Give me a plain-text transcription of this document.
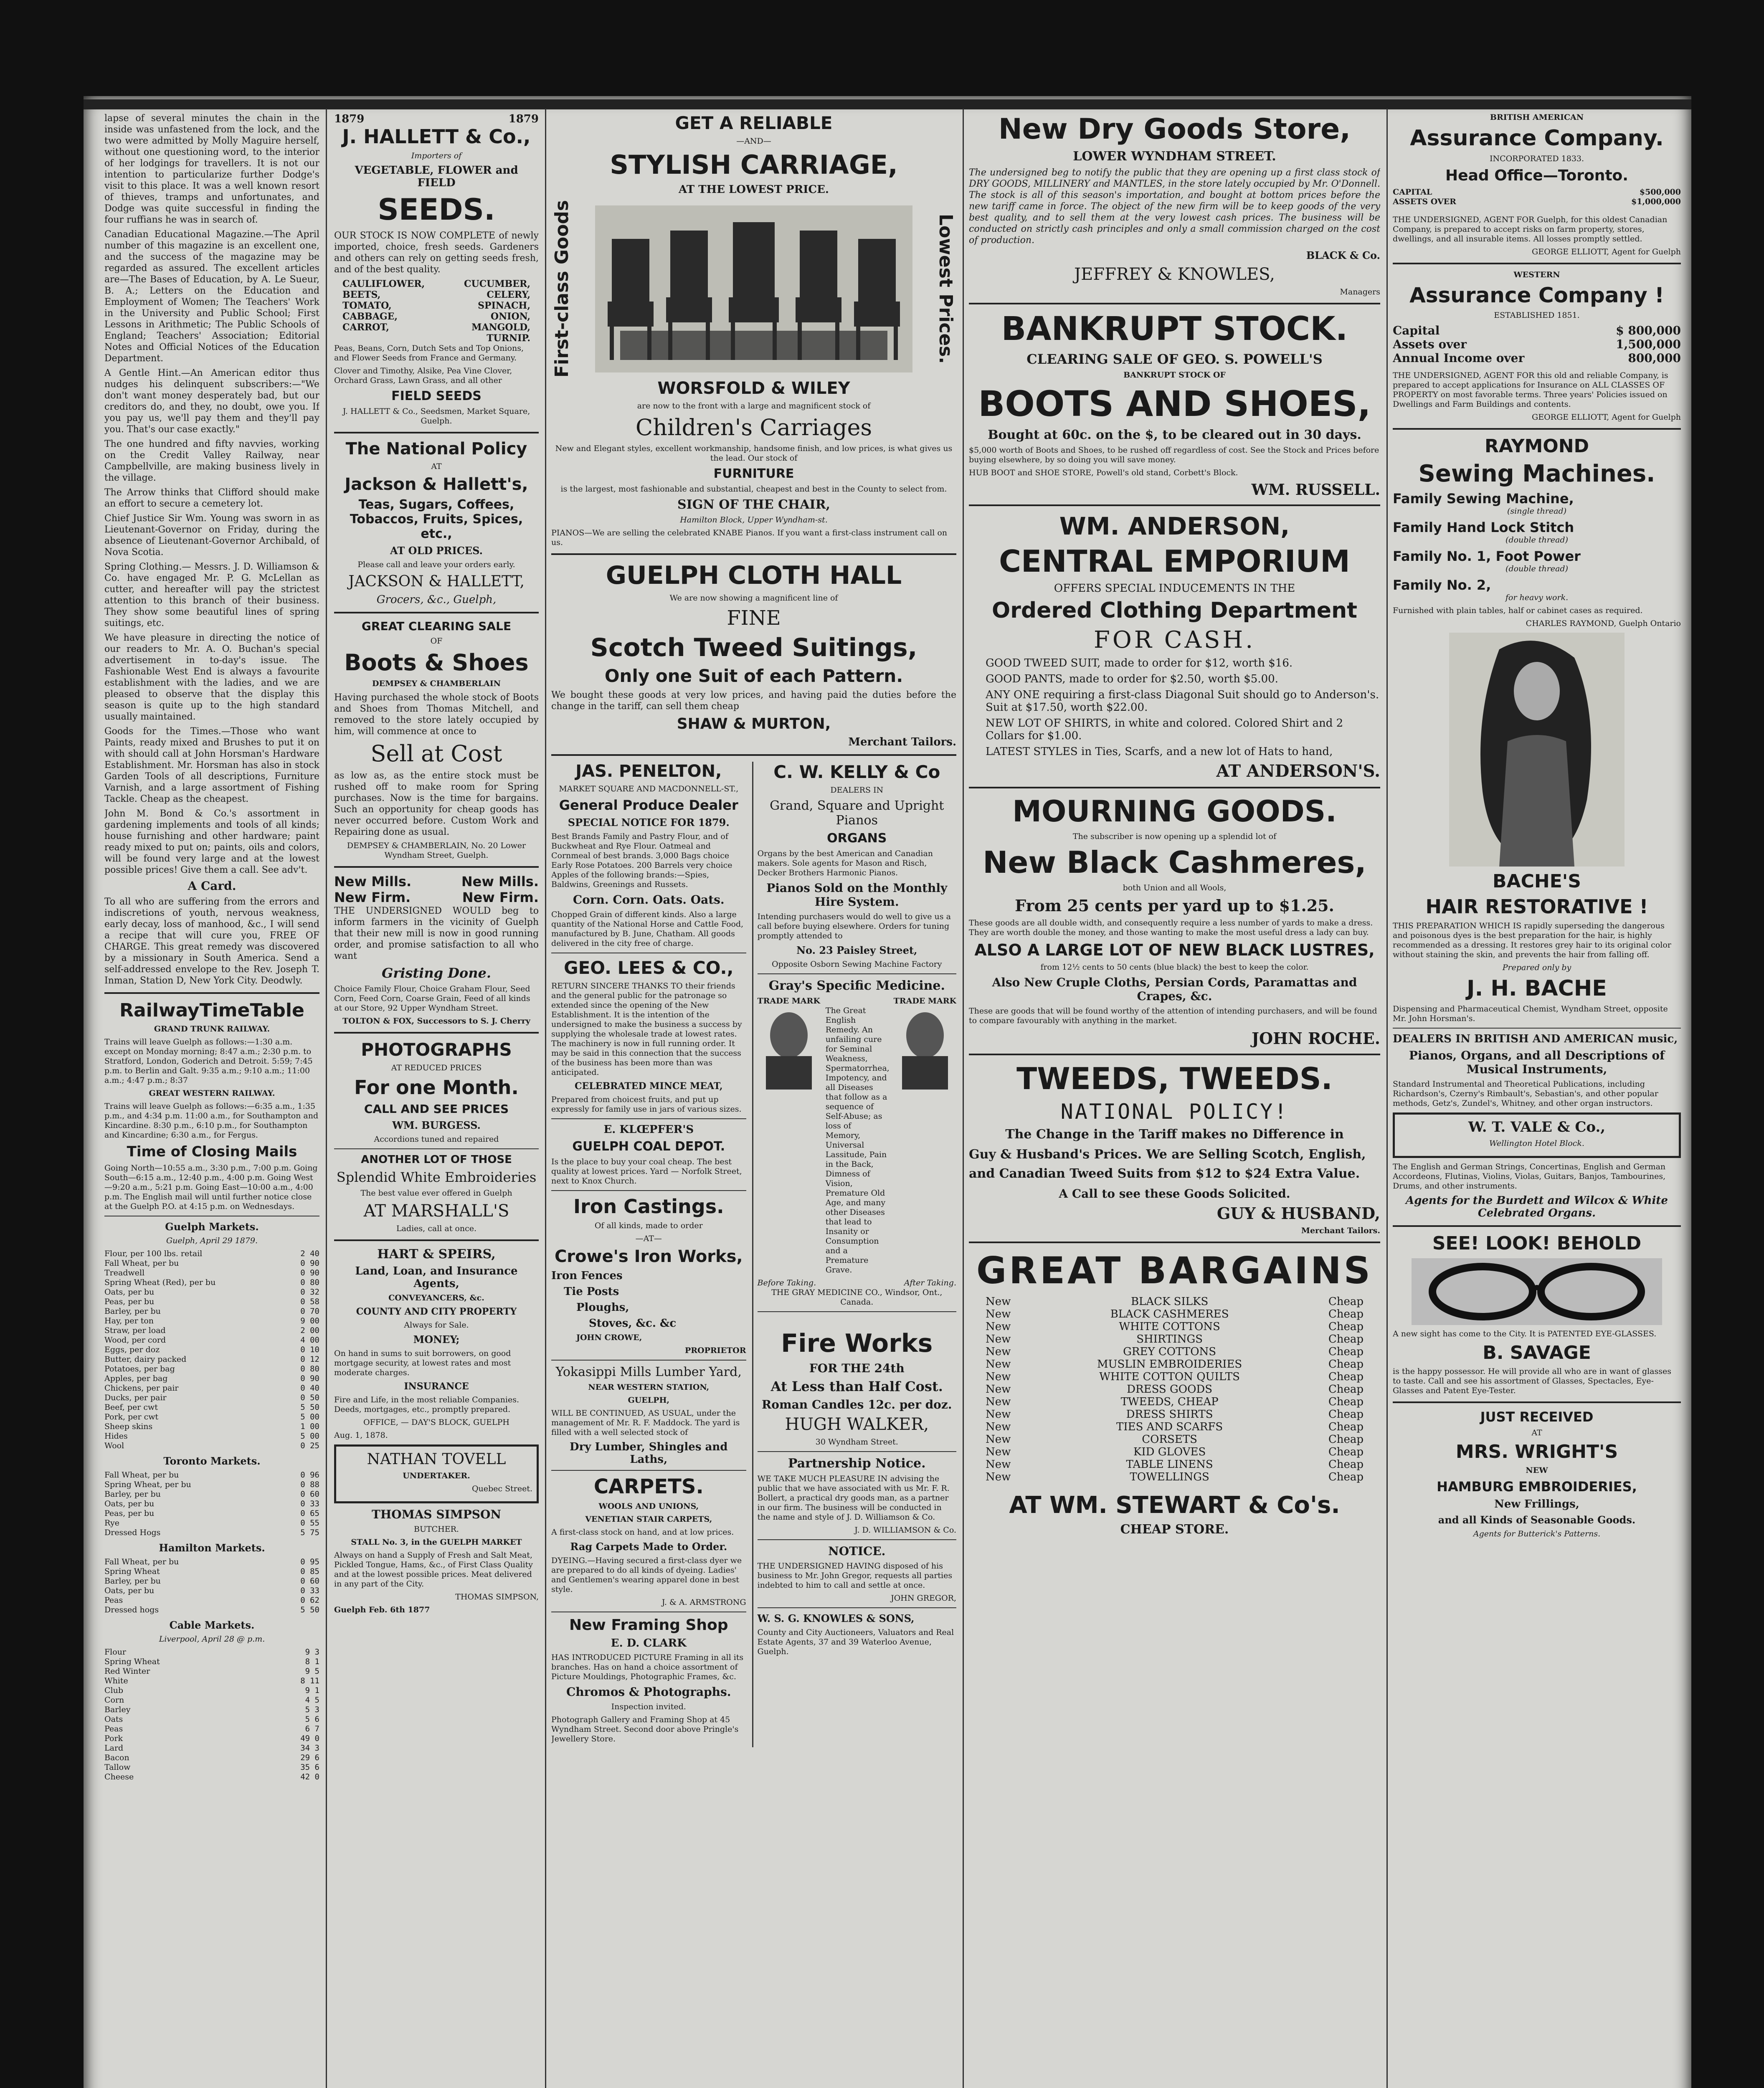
lapse of several minutes the chain in the inside was unfastened from the lock, and the two were admitted by Molly Maguire herself, without one questioning word, to the interior of her lodgings for travellers. It is not our intention to particularize further Dodge's visit to this place. It was a well known resort of thieves, tramps and unfortunates, and Dodge was quite successful in finding the four ruffians he was in search of.

Canadian Educational Magazine.—The April number of this magazine is an excellent one, and the success of the magazine may be regarded as assured. The excellent articles are—The Bases of Education, by A. Le Sueur, B. A.; Letters on the Education and Employment of Women; The Teachers' Work in the University and Public School; First Lessons in Arithmetic; The Public Schools of England; Teachers' Association; Editorial Notes and Official Notices of the Education Department.

A Gentle Hint.—An American editor thus nudges his delinquent subscribers:—"We don't want money desperately bad, but our creditors do, and they, no doubt, owe you. If you pay us, we'll pay them and they'll pay you. That's our case exactly."

The one hundred and fifty navvies, working on the Credit Valley Railway, near Campbellville, are making business lively in the village.

The Arrow thinks that Clifford should make an effort to secure a cemetery lot.

Chief Justice Sir Wm. Young was sworn in as Lieutenant-Governor on Friday, during the absence of Lieutenant-Governor Archibald, of Nova Scotia.

Spring Clothing.— Messrs. J. D. Williamson & Co. have engaged Mr. P. G. McLellan as cutter, and hereafter will pay the strictest attention to this branch of their business. They show some beautiful lines of spring suitings, etc.

We have pleasure in directing the notice of our readers to Mr. A. O. Buchan's special advertisement in to-day's issue. The Fashionable West End is always a favourite establishment with the ladies, and we are pleased to observe that the display this season is quite up to the high standard usually maintained.

Goods for the Times.—Those who want Paints, ready mixed and Brushes to put it on with should call at John Horsman's Hardware Establishment. Mr. Horsman has also in stock Garden Tools of all descriptions, Furniture Varnish, and a large assortment of Fishing Tackle. Cheap as the cheapest.

John M. Bond & Co.'s assortment in gardening implements and tools of all kinds; house furnishing and other hardware; paint ready mixed to put on; paints, oils and colors, will be found very large and at the lowest possible prices! Give them a call. See adv't.

A Card.

To all who are suffering from the errors and indiscretions of youth, nervous weakness, early decay, loss of manhood, &c., I will send a recipe that will cure you, FREE OF CHARGE. This great remedy was discovered by a missionary in South America. Send a self-addressed envelope to the Rev. Joseph T. Inman, Station D, New York City. Deodwly.

RailwayTimeTable

GRAND TRUNK RAILWAY.

Trains will leave Guelph as follows:—1:30 a.m. except on Monday morning; 8:47 a.m.; 2:30 p.m. to Stratford, London, Goderich and Detroit. 5:59; 7:45 p.m. to Berlin and Galt. 9:35 a.m.; 9:10 a.m.; 11:00 a.m.; 4:47 p.m.; 8:37

GREAT WESTERN RAILWAY.

Trains will leave Guelph as follows:—6:35 a.m., 1:35 p.m., and 4:34 p.m. 11:00 a.m., for Southampton and Kincardine. 8:30 p.m., 6:10 p.m., for Southampton and Kincardine; 6:30 a.m., for Fergus.

Time of Closing Mails

Going North—10:55 a.m., 3:30 p.m., 7:00 p.m. Going South—6:15 a.m., 12:40 p.m., 4:00 p.m. Going West—9:20 a.m., 5:21 p.m. Going East—10:00 a.m., 4:00 p.m. The English mail will until further notice close at the Guelph P.O. at 4:15 p.m. on Wednesdays.

Guelph Markets.

Guelph, April 29 1879.

Flour, per 100 lbs. retail	2 40
Fall Wheat, per bu	0 90
Treadwell	0 90
Spring Wheat (Red), per bu	0 80
Oats, per bu	0 32
Peas, per bu	0 58
Barley, per bu	0 70
Hay, per ton	9 00
Straw, per load	2 00
Wood, per cord	4 00
Eggs, per doz	0 10
Butter, dairy packed	0 12
Potatoes, per bag	0 80
Apples, per bag	0 90
Chickens, per pair	0 40
Ducks, per pair	0 50
Beef, per cwt	5 50
Pork, per cwt	5 00
Sheep skins	1 00
Hides	5 00
Wool	0 25

Toronto Markets.

Fall Wheat, per bu	0 96
Spring Wheat, per bu	0 88
Barley, per bu	0 60
Oats, per bu	0 33
Peas, per bu	0 65
Rye	0 55
Dressed Hogs	5 75

Hamilton Markets.

Fall Wheat, per bu	0 95
Spring Wheat	0 85
Barley, per bu	0 60
Oats, per bu	0 33
Peas	0 62
Dressed hogs	5 50

Cable Markets.

Liverpool, April 28 @ p.m.

Flour	9 3
Spring Wheat	8 1
Red Winter	9 5
White	8 11
Club	9 1
Corn	4 5
Barley	5 3
Oats	5 6
Peas	6 7
Pork	49 0
Lard	34 3
Bacon	29 6
Tallow	35 6
Cheese	42 0
1879	1879

J. HALLETT & Co.,

Importers of

VEGETABLE, FLOWER and FIELD

SEEDS.

OUR STOCK IS NOW COMPLETE of newly imported, choice, fresh seeds. Gardeners and others can rely on getting seeds fresh, and of the best quality.

CAULIFLOWER,	CUCUMBER,
BEETS,	CELERY,
TOMATO,	SPINACH,
CABBAGE,	ONION,
CARROT,	MANGOLD,
TURNIP.

Peas, Beans, Corn, Dutch Sets and Top Onions, and Flower Seeds from France and Germany.

Clover and Timothy, Alsike, Pea Vine Clover, Orchard Grass, Lawn Grass, and all other

FIELD SEEDS

J. HALLETT & Co., Seedsmen, Market Square, Guelph.

The National Policy

AT

Jackson & Hallett's,

Teas, Sugars, Coffees, Tobaccos, Fruits, Spices, etc.,

AT OLD PRICES.

Please call and leave your orders early.

JACKSON & HALLETT,

Grocers, &c., Guelph,

GREAT CLEARING SALE

OF

Boots & Shoes

DEMPSEY & CHAMBERLAIN

Having purchased the whole stock of Boots and Shoes from Thomas Mitchell, and removed to the store lately occupied by him, will commence at once to

Sell at Cost

as low as, as the entire stock must be rushed off to make room for Spring purchases. Now is the time for bargains. Such an opportunity for cheap goods has never occurred before. Custom Work and Repairing done as usual.

DEMPSEY & CHAMBERLAIN, No. 20 Lower Wyndham Street, Guelph.

New Mills.	New Mills.
New Firm.	New Firm.

THE UNDERSIGNED WOULD beg to inform farmers in the vicinity of Guelph that their new mill is now in good running order, and promise satisfaction to all who want

Gristing Done.

Choice Family Flour, Choice Graham Flour, Seed Corn, Feed Corn, Coarse Grain, Feed of all kinds at our Store, 92 Upper Wyndham Street.

TOLTON & FOX, Successors to S. J. Cherry

PHOTOGRAPHS

AT REDUCED PRICES

For one Month.

CALL AND SEE PRICES

WM. BURGESS.

Accordions tuned and repaired

ANOTHER LOT OF THOSE

Splendid White Embroideries

The best value ever offered in Guelph

AT MARSHALL'S

Ladies, call at once.

HART & SPEIRS,

Land, Loan, and Insurance Agents,

CONVEYANCERS, &c.

COUNTY AND CITY PROPERTY

Always for Sale.

MONEY;

On hand in sums to suit borrowers, on good mortgage security, at lowest rates and most moderate charges.

INSURANCE

Fire and Life, in the most reliable Companies. Deeds, mortgages, etc., promptly prepared.

OFFICE, — DAY'S BLOCK, GUELPH

Aug. 1, 1878.

NATHAN TOVELL

UNDERTAKER.

Quebec Street.

THOMAS SIMPSON

BUTCHER.

STALL No. 3, in the GUELPH MARKET

Always on hand a Supply of Fresh and Salt Meat, Pickled Tongue, Hams, &c., of First Class Quality and at the lowest possible prices. Meat delivered in any part of the City.

THOMAS SIMPSON,

Guelph Feb. 6th 1877

GET A RELIABLE

—AND—

STYLISH CARRIAGE,

AT THE LOWEST PRICE.

First-class Goods	Lowest Prices.

WORSFOLD & WILEY

are now to the front with a large and magnificent stock of

Children's Carriages

New and Elegant styles, excellent workmanship, handsome finish, and low prices, is what gives us the lead. Our stock of

FURNITURE

is the largest, most fashionable and substantial, cheapest and best in the County to select from.

SIGN OF THE CHAIR,

Hamilton Block, Upper Wyndham-st.

PIANOS—We are selling the celebrated KNABE Pianos. If you want a first-class instrument call on us.

GUELPH CLOTH HALL

We are now showing a magnificent line of

FINE

Scotch Tweed Suitings,

Only one Suit of each Pattern.

We bought these goods at very low prices, and having paid the duties before the change in the tariff, can sell them cheap

SHAW & MURTON,

Merchant Tailors.

JAS. PENELTON,

MARKET SQUARE AND MACDONNELL-ST.,

General Produce Dealer

SPECIAL NOTICE FOR 1879.

Best Brands Family and Pastry Flour, and of Buckwheat and Rye Flour. Oatmeal and Cornmeal of best brands. 3,000 Bags choice Early Rose Potatoes. 200 Barrels very choice Apples of the following brands:—Spies, Baldwins, Greenings and Russets.

Corn. Corn. Oats. Oats.

Chopped Grain of different kinds. Also a large quantity of the National Horse and Cattle Food, manufactured by B. June, Chatham. All goods delivered in the city free of charge.

GEO. LEES & CO.,

RETURN SINCERE THANKS TO their friends and the general public for the patronage so extended since the opening of the New Establishment. It is the intention of the undersigned to make the business a success by supplying the wholesale trade at lowest rates. The machinery is now in full running order. It may be said in this connection that the success of the business has been more than was anticipated.

CELEBRATED MINCE MEAT,

Prepared from choicest fruits, and put up expressly for family use in jars of various sizes.

E. KLŒPFER'S

GUELPH COAL DEPOT.

Is the place to buy your coal cheap. The best quality at lowest prices. Yard — Norfolk Street, next to Knox Church.

Iron Castings.

Of all kinds, made to order

—AT—

Crowe's Iron Works,

Iron Fences

Tie Posts

Ploughs,

Stoves, &c. &c

JOHN CROWE,

PROPRIETOR

Yokasippi Mills Lumber Yard,

NEAR WESTERN STATION,

GUELPH,

WILL BE CONTINUED, AS USUAL, under the management of Mr. R. F. Maddock. The yard is filled with a well selected stock of

Dry Lumber, Shingles and Laths,

CARPETS.

WOOLS AND UNIONS,

VENETIAN STAIR CARPETS,

A first-class stock on hand, and at low prices.

Rag Carpets Made to Order.

DYEING.—Having secured a first-class dyer we are prepared to do all kinds of dyeing. Ladies' and Gentlemen's wearing apparel done in best style.

J. & A. ARMSTRONG

New Framing Shop

E. D. CLARK

HAS INTRODUCED PICTURE Framing in all its branches. Has on hand a choice assortment of Picture Mouldings, Photographic Frames, &c.

Chromos & Photographs.

Inspection invited.

Photograph Gallery and Framing Shop at 45 Wyndham Street. Second door above Pringle's Jewellery Store.

C. W. KELLY & Co

DEALERS IN

Grand, Square and Upright Pianos

ORGANS

Organs by the best American and Canadian makers. Sole agents for Mason and Risch, Decker Brothers Harmonic Pianos.

Pianos Sold on the Monthly Hire System.

Intending purchasers would do well to give us a call before buying elsewhere. Orders for tuning promptly attended to

No. 23 Paisley Street,

Opposite Osborn Sewing Machine Factory

Gray's Specific Medicine.

TRADE MARK	TRADE MARK

The Great English Remedy. An unfailing cure for Seminal Weakness, Spermatorrhea, Impotency, and all Diseases that follow as a sequence of Self-Abuse; as loss of Memory, Universal Lassitude, Pain in the Back, Dimness of Vision, Premature Old Age, and many other Diseases that lead to Insanity or Consumption and a Premature Grave.

Before Taking.	After Taking.

THE GRAY MEDICINE CO., Windsor, Ont., Canada.

Fire Works

FOR THE 24th

At Less than Half Cost.

Roman Candles 12c. per doz.

HUGH WALKER,

30 Wyndham Street.

Partnership Notice.

WE TAKE MUCH PLEASURE IN advising the public that we have associated with us Mr. F. R. Bollert, a practical dry goods man, as a partner in our firm. The business will be conducted in the name and style of J. D. Williamson & Co.

J. D. WILLIAMSON & Co.

NOTICE.

THE UNDERSIGNED HAVING disposed of his business to Mr. John Gregor, requests all parties indebted to him to call and settle at once.

JOHN GREGOR,

W. S. G. KNOWLES & SONS,

County and City Auctioneers, Valuators and Real Estate Agents, 37 and 39 Waterloo Avenue, Guelph.

New Dry Goods Store,

LOWER WYNDHAM STREET.

The undersigned beg to notify the public that they are opening up a first class stock of DRY GOODS, MILLINERY and MANTLES, in the store lately occupied by Mr. O'Donnell. The stock is all of this season's importation, and bought at bottom prices before the new tariff came in force. The object of the new firm will be to keep goods of the very best quality, and to sell them at the very lowest cash prices. The business will be conducted on strictly cash principles and only a small commission charged on the cost of production.

BLACK & Co.

JEFFREY & KNOWLES,

Managers

BANKRUPT STOCK.

CLEARING SALE OF GEO. S. POWELL'S

BANKRUPT STOCK OF

BOOTS AND SHOES,

Bought at 60c. on the $, to be cleared out in 30 days.

$5,000 worth of Boots and Shoes, to be rushed off regardless of cost. See the Stock and Prices before buying elsewhere, by so doing you will save money.

HUB BOOT and SHOE STORE, Powell's old stand, Corbett's Block.

WM. RUSSELL.

WM. ANDERSON,

CENTRAL EMPORIUM

OFFERS SPECIAL INDUCEMENTS IN THE

Ordered Clothing Department

FOR CASH.

GOOD TWEED SUIT, made to order for $12, worth $16.

GOOD PANTS, made to order for $2.50, worth $5.00.

ANY ONE requiring a first-class Diagonal Suit should go to Anderson's. Suit at $17.50, worth $22.00.

NEW LOT OF SHIRTS, in white and colored. Colored Shirt and 2 Collars for $1.00.

LATEST STYLES in Ties, Scarfs, and a new lot of Hats to hand,

AT ANDERSON'S.

MOURNING GOODS.

The subscriber is now opening up a splendid lot of

New Black Cashmeres,

both Union and all Wools,

From 25 cents per yard up to $1.25.

These goods are all double width, and consequently require a less number of yards to make a dress. They are worth double the money, and those wanting to make the most useful dress a lady can buy.

ALSO A LARGE LOT OF NEW BLACK LUSTRES,

from 12½ cents to 50 cents (blue black) the best to keep the color.

Also New Cruple Cloths, Persian Cords, Paramattas and Crapes, &c.

These are goods that will be found worthy of the attention of intending purchasers, and will be found to compare favourably with anything in the market.

JOHN ROCHE.

TWEEDS, TWEEDS.

NATIONAL POLICY!

The Change in the Tariff makes no Difference in

Guy & Husband's Prices. We are Selling Scotch, English, and Canadian Tweed Suits from $12 to $24 Extra Value.

A Call to see these Goods Solicited.

GUY & HUSBAND,

Merchant Tailors.

GREAT BARGAINS

New	BLACK SILKS	Cheap
New	BLACK CASHMERES	Cheap
New	WHITE COTTONS	Cheap
New	SHIRTINGS	Cheap
New	GREY COTTONS	Cheap
New	MUSLIN EMBROIDERIES	Cheap
New	WHITE COTTON QUILTS	Cheap
New	DRESS GOODS	Cheap
New	TWEEDS, CHEAP	Cheap
New	DRESS SHIRTS	Cheap
New	TIES AND SCARFS	Cheap
New	CORSETS	Cheap
New	KID GLOVES	Cheap
New	TABLE LINENS	Cheap
New	TOWELLINGS	Cheap

AT WM. STEWART & Co's.

CHEAP STORE.

BRITISH AMERICAN

Assurance Company.

INCORPORATED 1833.

Head Office—Toronto.

CAPITAL	$500,000
ASSETS OVER	$1,000,000

THE UNDERSIGNED, AGENT FOR Guelph, for this oldest Canadian Company, is prepared to accept risks on farm property, stores, dwellings, and all insurable items. All losses promptly settled.

GEORGE ELLIOTT, Agent for Guelph

WESTERN

Assurance Company !

ESTABLISHED 1851.

Capital	$ 800,000
Assets over	1,500,000
Annual Income over	800,000

THE UNDERSIGNED, AGENT FOR this old and reliable Company, is prepared to accept applications for Insurance on ALL CLASSES OF PROPERTY on most favorable terms. Three years' Policies issued on Dwellings and Farm Buildings and contents.

GEORGE ELLIOTT, Agent for Guelph

RAYMOND

Sewing Machines.

Family Sewing Machine,

(single thread)

Family Hand Lock Stitch

(double thread)

Family No. 1, Foot Power

(double thread)

Family No. 2,

for heavy work.

Furnished with plain tables, half or cabinet cases as required.

CHARLES RAYMOND, Guelph Ontario

BACHE'S

HAIR RESTORATIVE !

THIS PREPARATION WHICH IS rapidly superseding the dangerous and poisonous dyes is the best preparation for the hair, is highly recommended as a dressing. It restores grey hair to its original color without staining the skin, and prevents the hair from falling off.

Prepared only by

J. H. BACHE

Dispensing and Pharmaceutical Chemist, Wyndham Street, opposite Mr. John Horsman's.

DEALERS IN BRITISH AND AMERICAN music,

Pianos, Organs, and all Descriptions of Musical Instruments,

Standard Instrumental and Theoretical Publications, including Richardson's, Czerny's Rimbault's, Sebastian's, and other popular methods, Getz's, Zundel's, Whitney, and other organ instructors.

W. T. VALE & Co.,

Wellington Hotel Block.

The English and German Strings, Concertinas, English and German Accordeons, Flutinas, Violins, Violas, Guitars, Banjos, Tambourines, Drums, and other instruments.

Agents for the Burdett and Wilcox & White Celebrated Organs.

SEE! LOOK! BEHOLD

A new sight has come to the City. It is PATENTED EYE-GLASSES.

B. SAVAGE

is the happy possessor. He will provide all who are in want of glasses to taste. Call and see his assortment of Glasses, Spectacles, Eye-Glasses and Patent Eye-Tester.

JUST RECEIVED

AT

MRS. WRIGHT'S

NEW

HAMBURG EMBROIDERIES,

New Frillings,

and all Kinds of Seasonable Goods.

Agents for Butterick's Patterns.
